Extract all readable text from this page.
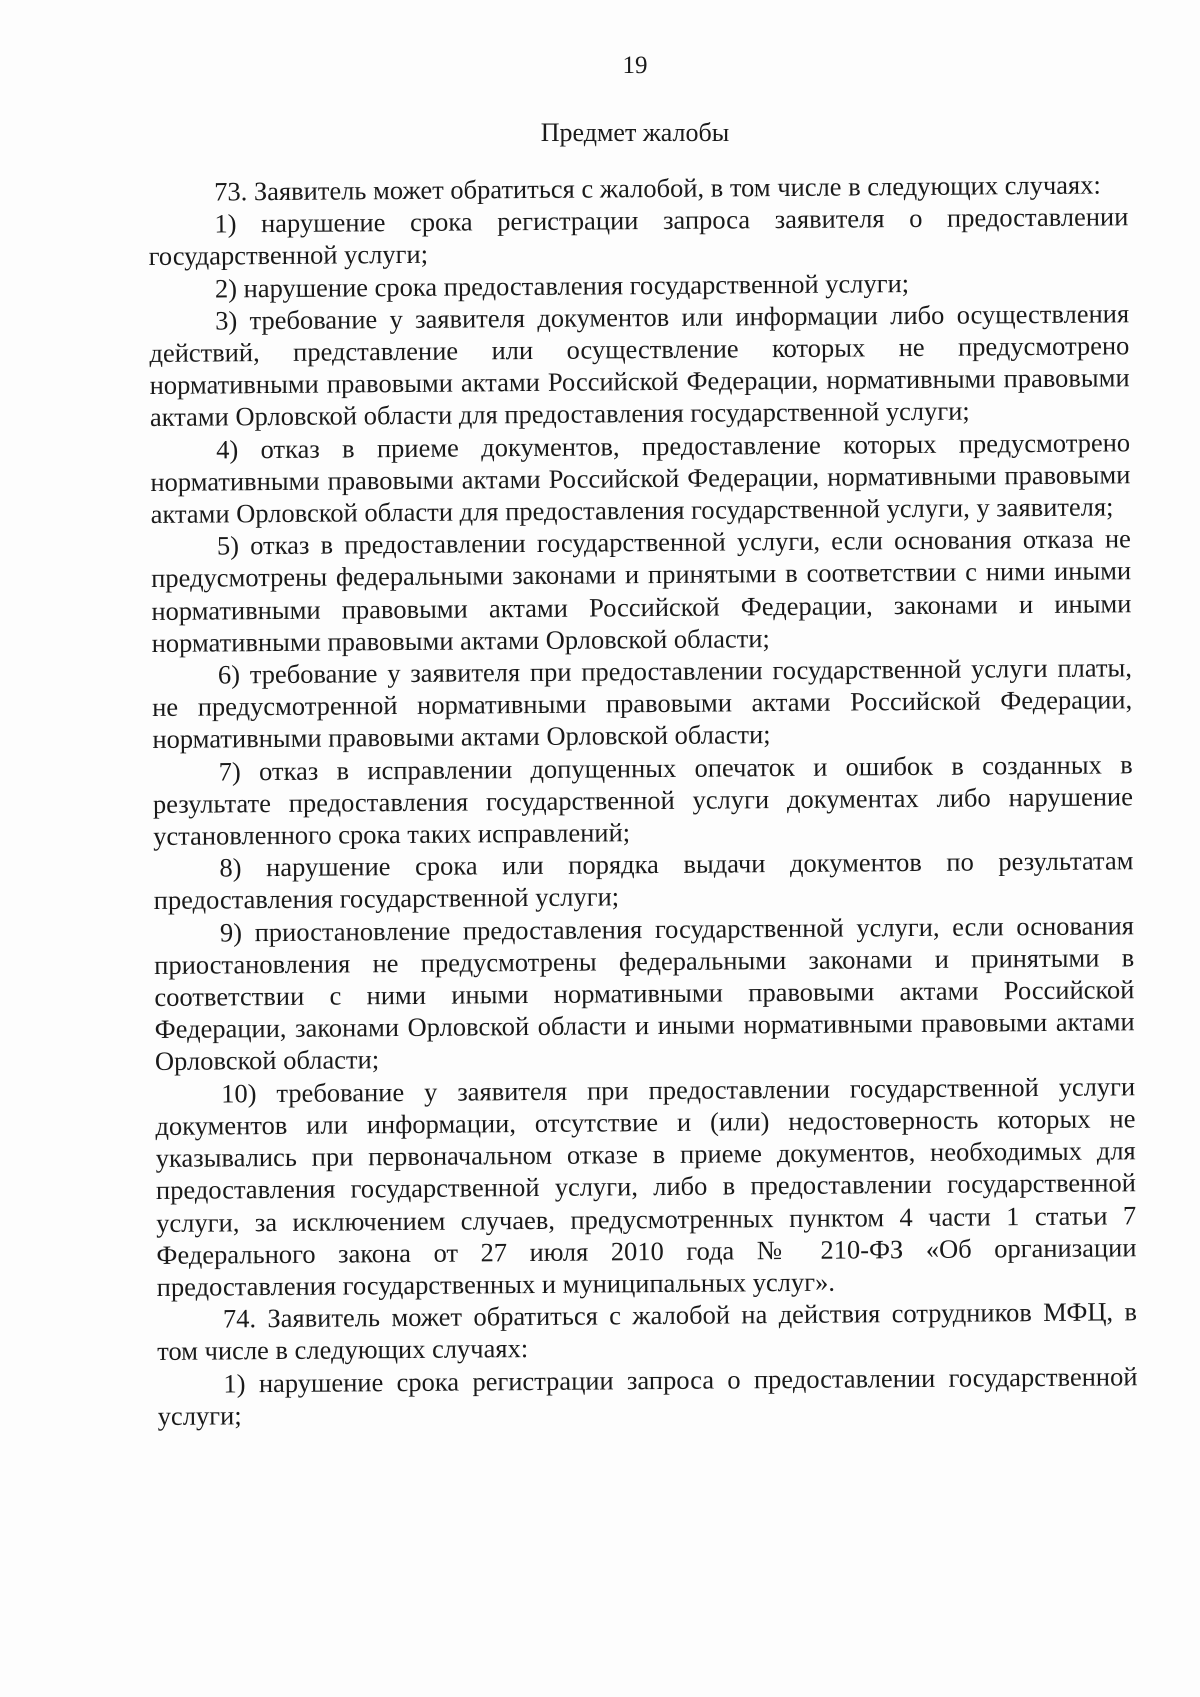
19
Предмет жалобы

73. Заявитель может обратиться с жалобой, в том числе в следующих случаях:

1) нарушение срока регистрации запроса заявителя о предоставлении государственной услуги;

2) нарушение срока предоставления государственной услуги;

3) требование у заявителя документов или информации либо осуществления действий, представление или осуществление которых не предусмотрено нормативными правовыми актами Российской Федерации, нормативными правовыми актами Орловской области для предоставления государственной услуги;

4) отказ в приеме документов, предоставление которых предусмотрено нормативными правовыми актами Российской Федерации, нормативными правовыми актами Орловской области для предоставления государственной услуги, у заявителя;

5) отказ в предоставлении государственной услуги, если основания отказа не предусмотрены федеральными законами и принятыми в соответствии с ними иными нормативными правовыми актами Российской Федерации, законами и иными нормативными правовыми актами Орловской области;

6) требование у заявителя при предоставлении государственной услуги платы, не предусмотренной нормативными правовыми актами Российской Федерации, нормативными правовыми актами Орловской области;

7) отказ в исправлении допущенных опечаток и ошибок в созданных в результате предоставления государственной услуги документах либо нарушение установленного срока таких исправлений;

8) нарушение срока или порядка выдачи документов по результатам предоставления государственной услуги;

9) приостановление предоставления государственной услуги, если основания приостановления не предусмотрены федеральными законами и принятыми в соответствии с ними иными нормативными правовыми актами Российской Федерации, законами Орловской области и иными нормативными правовыми актами Орловской области;

10) требование у заявителя при предоставлении государственной услуги документов или информации, отсутствие и (или) недостоверность которых не указывались при первоначальном отказе в приеме документов, необходимых для предоставления государственной услуги, либо в предоставлении государственной услуги, за исключением случаев, предусмотренных пунктом 4 части 1 статьи 7 Федерального закона от 27 июля 2010 года № 210-ФЗ «Об организации предоставления государственных и муниципальных услуг».

74. Заявитель может обратиться с жалобой на действия сотрудников МФЦ, в том числе в следующих случаях:

1) нарушение срока регистрации запроса о предоставлении государственной услуги;
